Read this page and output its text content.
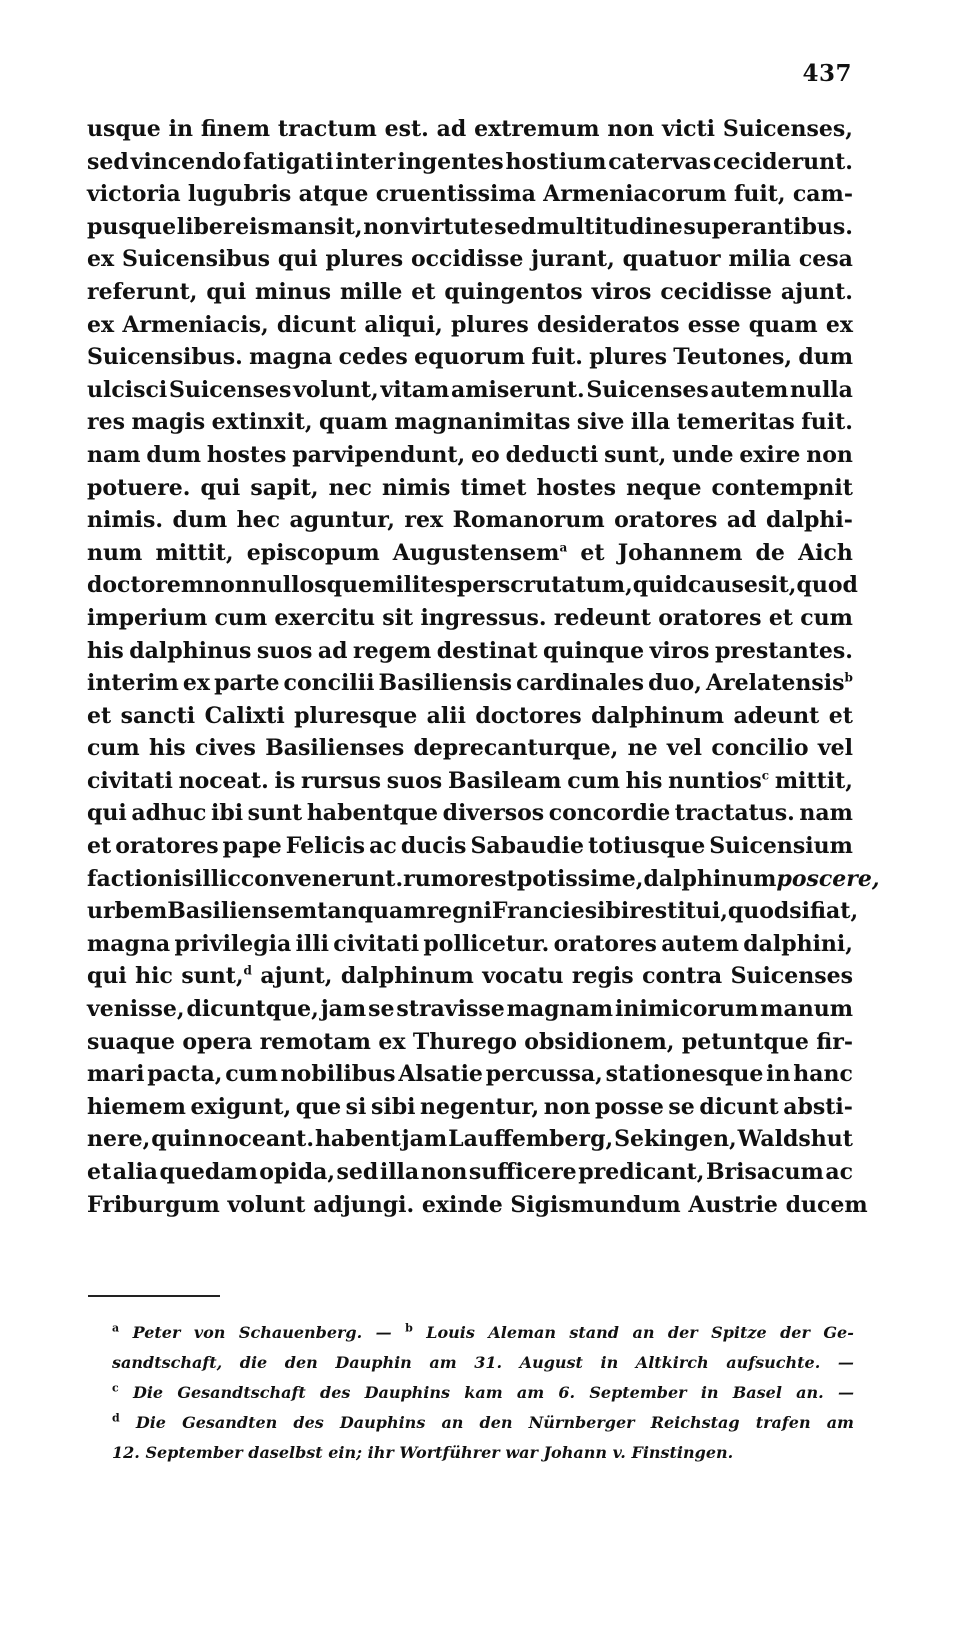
437
usque in finem tractum est. ad extremum non victi Suicenses,
sed vincendo fatigati inter ingentes hostium catervas ceciderunt.
victoria lugubris atque cruentissima Armeniacorum fuit, cam-
pusque liber eis mansit, non virtute sed multitudine superantibus.
ex Suicensibus qui plures occidisse jurant, quatuor milia cesa
referunt, qui minus mille et quingentos viros cecidisse ajunt.
ex Armeniacis, dicunt aliqui, plures desideratos esse quam ex
Suicensibus. magna cedes equorum fuit. plures Teutones, dum
ulcisci Suicenses volunt, vitam amiserunt. Suicenses autem nulla
res magis extinxit, quam magnanimitas sive illa temeritas fuit.
nam dum hostes parvipendunt, eo deducti sunt, unde exire non
potuere. qui sapit, nec nimis timet hostes neque contempnit
nimis. dum hec aguntur, rex Romanorum oratores ad dalphi-
num mittit, episcopum Augustensem$^a$ et Johannem de Aich
doctorem nonnullosque milites perscrutatum, quid cause sit, quod
imperium cum exercitu sit ingressus. redeunt oratores et cum
his dalphinus suos ad regem destinat quinque viros prestantes.
interim ex parte concilii Basiliensis cardinales duo, Arelatensis$^b$
et sancti Calixti pluresque alii doctores dalphinum adeunt et
cum his cives Basilienses deprecanturque, ne vel concilio vel
civitati noceat. is rursus suos Basileam cum his nuntios$^c$ mittit,
qui adhuc ibi sunt habentque diversos concordie tractatus. nam
et oratores pape Felicis ac ducis Sabaudie totiusque Suicensium
factionis illic convenerunt. rumor est potissime, dalphinum poscere,
urbem Basiliensem tanquam regni Francie sibi restitui, quod si fiat,
magna privilegia illi civitati pollicetur. oratores autem dalphini,
qui hic sunt,$^d$ ajunt, dalphinum vocatu regis contra Suicenses
venisse, dicuntque, jam se stravisse magnam inimicorum manum
suaque opera remotam ex Thurego obsidionem, petuntque fir-
mari pacta, cum nobilibus Alsatie percussa, stationesque in hanc
hiemem exigunt, que si sibi negentur, non posse se dicunt absti-
nere, quin noceant. habent jam Lauffemberg, Sekingen, Waldshut
et alia quedam opida, sed illa non sufficere predicant, Brisacum ac
Friburgum volunt adjungi. exinde Sigismundum Austrie ducem
$^a$ Peter von Schauenberg. — $^b$ Louis Aleman stand an der Spitze der Ge-
sandtschaft, die den Dauphin am 31. August in Altkirch aufsuchte. —
$^c$ Die Gesandtschaft des Dauphins kam am 6. September in Basel an. —
$^d$ Die Gesandten des Dauphins an den Nürnberger Reichstag trafen am
12. September daselbst ein; ihr Wortführer war Johann v. Finstingen.
